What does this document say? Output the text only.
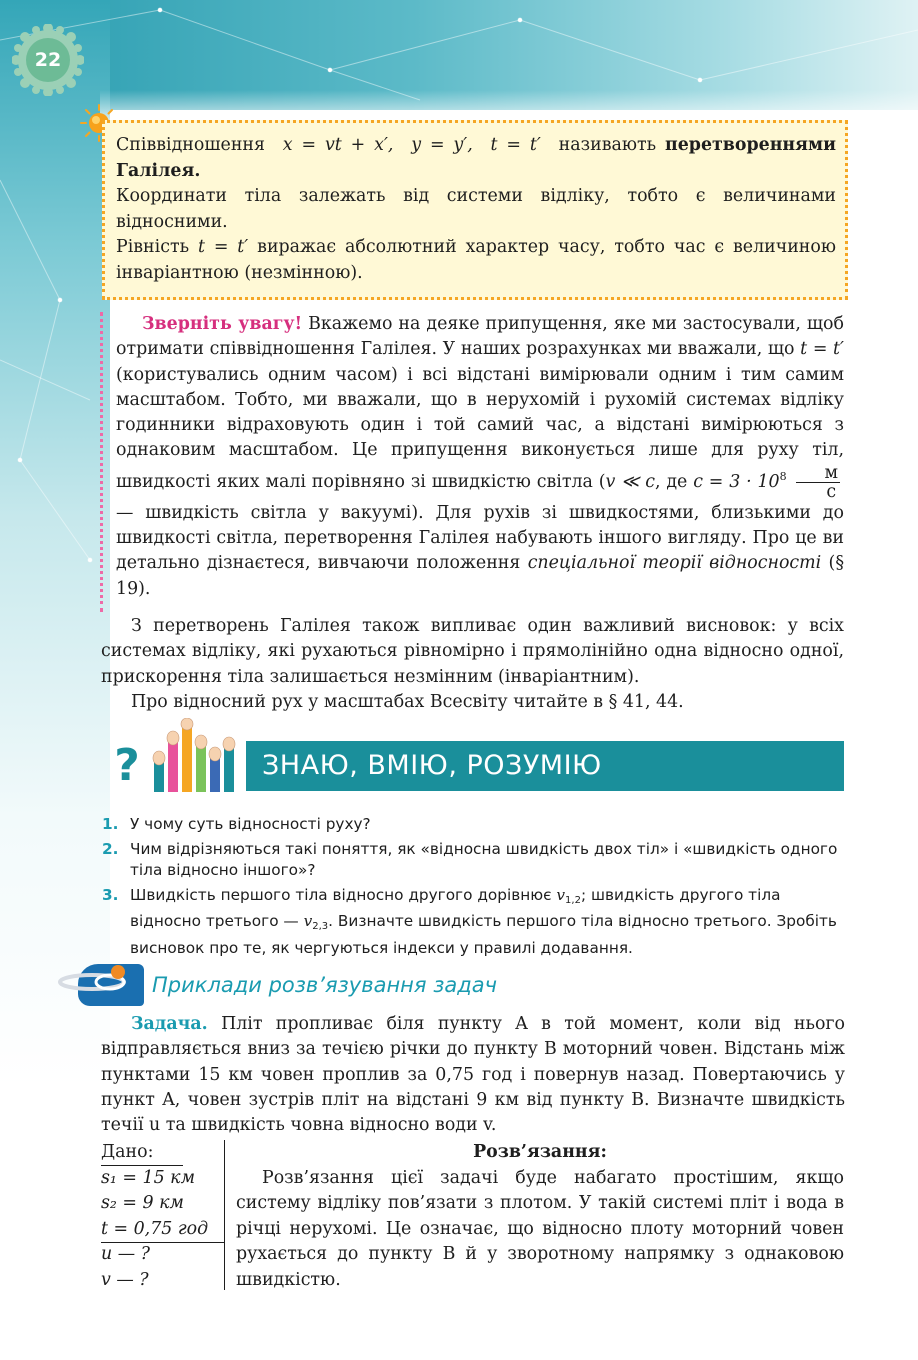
22

Співвідношення x = vt + x′,  y = y′,  t = t′ називають перетвореннями Галілея.

Координати тіла залежать від системи відліку, тобто є величинами відносними.

Рівність t = t′ виражає абсолютний характер часу, тобто час є величиною інваріантною (незмінною).

Зверніть увагу! Вкажемо на деяке припущення, яке ми застосували, щоб отримати співвідношення Галілея. У наших розрахунках ми вважали, що t = t′ (користувались одним часом) і всі відстані вимірювали одним і тим самим масштабом. Тобто, ми вважали, що в нерухомій і рухомій системах відліку годинники відраховують один і той самий час, а відстані вимірюються з однаковим масштабом. Це припущення виконується лише для руху тіл, швидкості яких малі порівняно зі швидкістю світла (v ≪ c, де $c = 3 \cdot 10^8 \frac{м}{с}$
— швидкість світла у вакуумі). Для рухів зі швидкостями, близькими до швидкості світла, перетворення Галілея набувають іншого вигляду. Про це ви детально дізнаєтеся, вивчаючи положення спеціальної теорії відносності (§ 19).

З перетворень Галілея також випливає один важливий висновок: у всіх системах відліку, які рухаються рівномірно і прямолінійно одна відносно одної, прискорення тіла залишається незмінним (інваріантним).

Про відносний рух у масштабах Всесвіту читайте в § 41, 44.

?	ЗНАЮ, ВМІЮ, РОЗУМІЮ
1. У чому суть відносності руху?
2. Чим відрізняються такі поняття, як «відносна швидкість двох тіл» і «швидкість одного тіла відносно іншого»?
3. Швидкість першого тіла відносно другого дорівнює $v_{1,2}$; швидкість другого тіла відносно третього — $v_{2,3}$. Визначте швидкість першого тіла відносно третього. Зробіть висновок про те, як чергуються індекси у правилі додавання.
Приклади розв’язування задач

Задача. Пліт пропливає біля пункту A в той момент, коли від нього відправляється вниз за течією річки до пункту B моторний човен. Відстань між пунктами 15 км човен проплив за 0,75 год і повернув назад. Повертаючись у пункт A, човен зустрів пліт на відстані 9 км від пункту B. Визначте швидкість течії u та швидкість човна відносно води v.

Дано:
s₁ = 15 км
s₂ = 9 км
t = 0,75 год
u — ?
v — ?

Розв’язання:

Розв’язання цієї задачі буде набагато простішим, якщо систему відліку пов’язати з плотом. У такій системі пліт і вода в річці нерухомі. Це означає, що відносно плоту моторний човен рухається до пункту B й у зворотному напрямку з однаковою швидкістю.
